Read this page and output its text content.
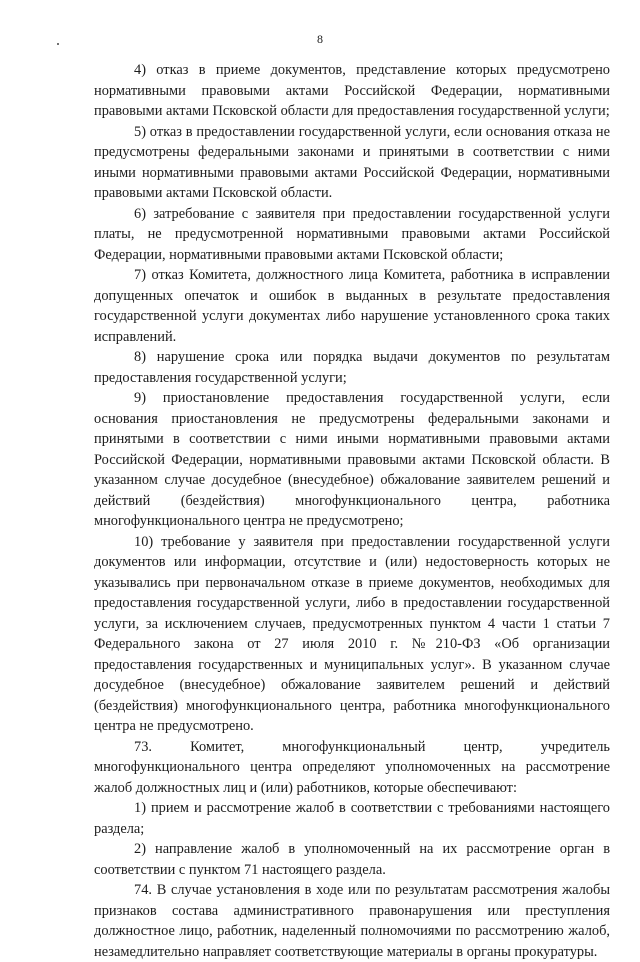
8

4) отказ в приеме документов, представление которых предусмотрено нормативными правовыми актами Российской Федерации, нормативными правовыми актами Псковской области для предоставления государственной услуги;

5) отказ в предоставлении государственной услуги, если основания отказа не предусмотрены федеральными законами и принятыми в соответствии с ними иными нормативными правовыми актами Российской Федерации, нормативными правовыми актами Псковской области.

6) затребование с заявителя при предоставлении государственной услуги платы, не предусмотренной нормативными правовыми актами Российской Федерации, нормативными правовыми актами Псковской области;

7) отказ Комитета, должностного лица Комитета, работника в исправлении допущенных опечаток и ошибок в выданных в результате предоставления государственной услуги документах либо нарушение установленного срока таких исправлений.

8) нарушение срока или порядка выдачи документов по результатам предоставления государственной услуги;

9) приостановление предоставления государственной услуги, если основания приостановления не предусмотрены федеральными законами и принятыми в соответствии с ними иными нормативными правовыми актами Российской Федерации, нормативными правовыми актами Псковской области. В указанном случае досудебное (внесудебное) обжалование заявителем решений и действий (бездействия) многофункционального центра, работника многофункционального центра не предусмотрено;

10) требование у заявителя при предоставлении государственной услуги документов или информации, отсутствие и (или) недостоверность которых не указывались при первоначальном отказе в приеме документов, необходимых для предоставления государственной услуги, либо в предоставлении государственной услуги, за исключением случаев, предусмотренных пунктом 4 части 1 статьи 7 Федерального закона от 27 июля 2010 г. №210-ФЗ «Об организации предоставления государственных и муниципальных услуг». В указанном случае досудебное (внесудебное) обжалование заявителем решений и действий (бездействия) многофункционального центра, работника многофункционального центра не предусмотрено.

73. Комитет, многофункциональный центр, учредитель многофункционального центра определяют уполномоченных на рассмотрение жалоб должностных лиц и (или) работников, которые обеспечивают:

1) прием и рассмотрение жалоб в соответствии с требованиями настоящего раздела;

2) направление жалоб в уполномоченный на их рассмотрение орган в соответствии с пунктом 71 настоящего раздела.

74. В случае установления в ходе или по результатам рассмотрения жалобы признаков состава административного правонарушения или преступления должностное лицо, работник, наделенный полномочиями по рассмотрению жалоб, незамедлительно направляет соответствующие материалы в органы прокуратуры.
